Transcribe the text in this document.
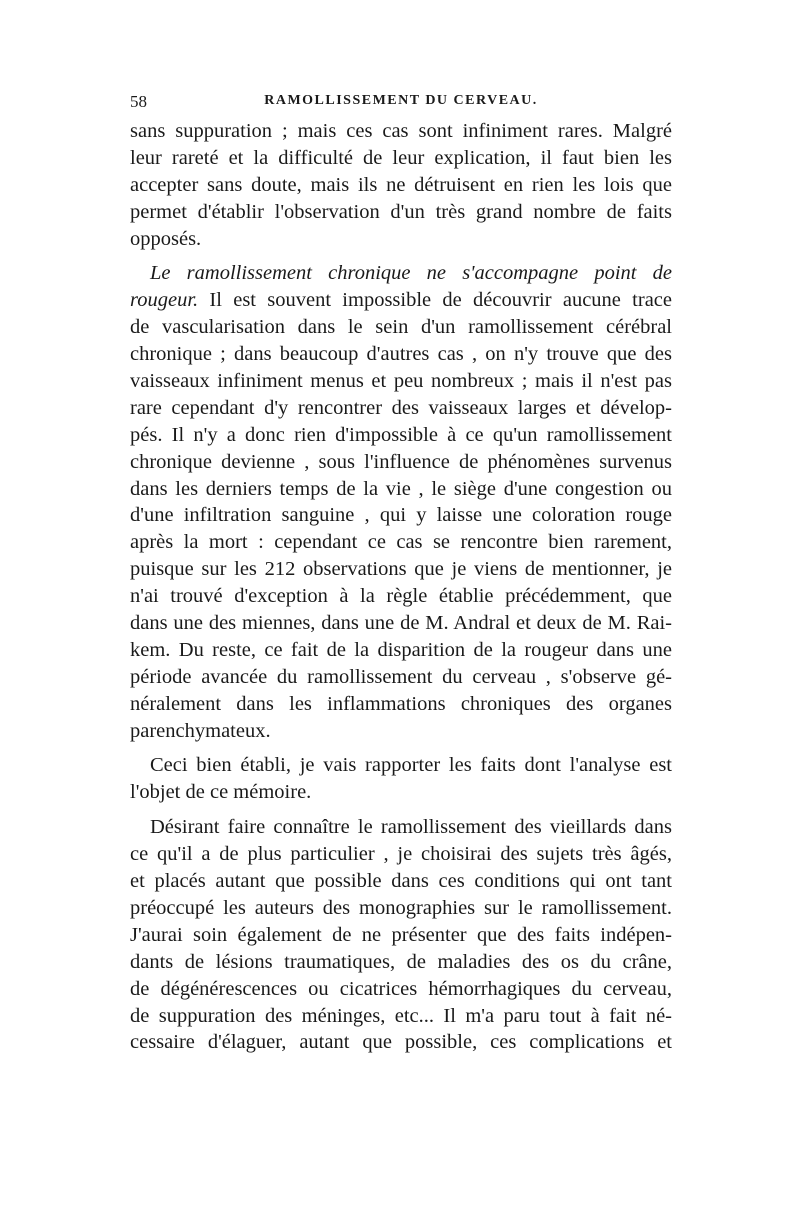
58	RAMOLLISSEMENT DU CERVEAU.
sans suppuration ; mais ces cas sont infiniment rares. Malgré
leur rareté et la difficulté de leur explication, il faut bien les
accepter sans doute, mais ils ne détruisent en rien les lois que
permet d'établir l'observation d'un très grand nombre de faits
opposés.
Le ramollissement chronique ne s'accompagne point de
rougeur. Il est souvent impossible de découvrir aucune trace
de vascularisation dans le sein d'un ramollissement cérébral
chronique ; dans beaucoup d'autres cas , on n'y trouve que des
vaisseaux infiniment menus et peu nombreux ; mais il n'est pas
rare cependant d'y rencontrer des vaisseaux larges et dévelop-
pés. Il n'y a donc rien d'impossible à ce qu'un ramollissement
chronique devienne , sous l'influence de phénomènes survenus
dans les derniers temps de la vie , le siège d'une congestion ou
d'une infiltration sanguine , qui y laisse une coloration rouge
après la mort : cependant ce cas se rencontre bien rarement,
puisque sur les 212 observations que je viens de mentionner, je
n'ai trouvé d'exception à la règle établie précédemment, que
dans une des miennes, dans une de M. Andral et deux de M. Rai-
kem. Du reste, ce fait de la disparition de la rougeur dans une
période avancée du ramollissement du cerveau , s'observe gé-
néralement dans les inflammations chroniques des organes
parenchymateux.
Ceci bien établi, je vais rapporter les faits dont l'analyse est
l'objet de ce mémoire.
Désirant faire connaître le ramollissement des vieillards dans
ce qu'il a de plus particulier , je choisirai des sujets très âgés,
et placés autant que possible dans ces conditions qui ont tant
préoccupé les auteurs des monographies sur le ramollissement.
J'aurai soin également de ne présenter que des faits indépen-
dants de lésions traumatiques, de maladies des os du crâne,
de dégénérescences ou cicatrices hémorrhagiques du cerveau,
de suppuration des méninges, etc... Il m'a paru tout à fait né-
cessaire d'élaguer, autant que possible, ces complications et
